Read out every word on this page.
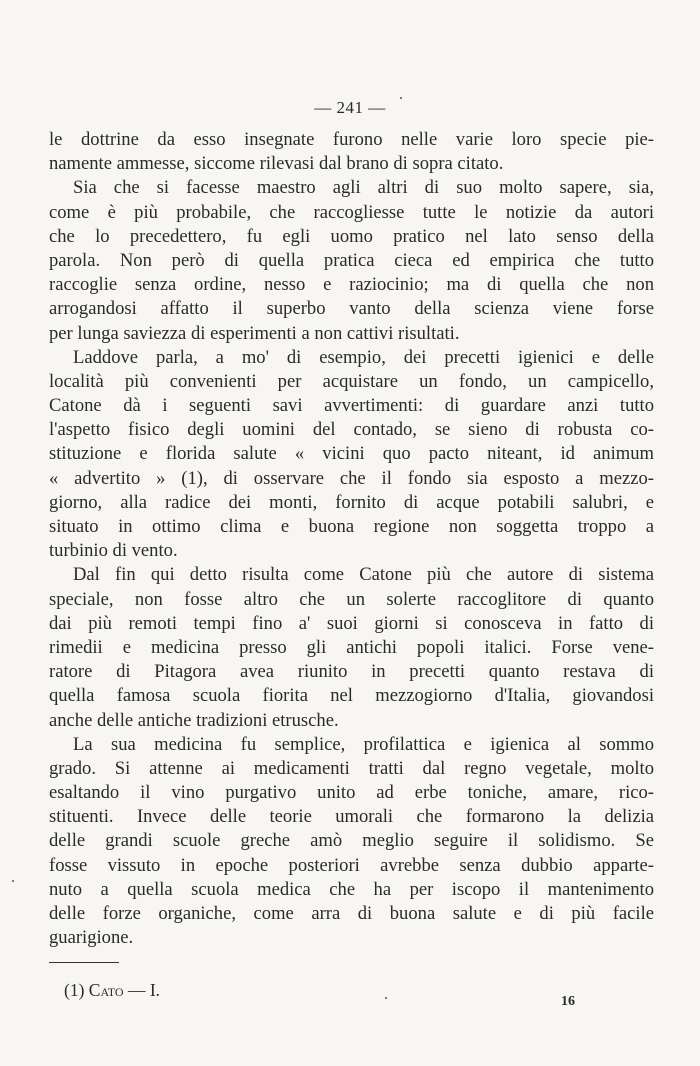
— 241 —
le dottrine da esso insegnate furono nelle varie loro specie pie-
namente ammesse, siccome rilevasi dal brano di sopra citato.
Sia che si facesse maestro agli altri di suo molto sapere, sia,
come è più probabile, che raccogliesse tutte le notizie da autori
che lo precedettero, fu egli uomo pratico nel lato senso della
parola. Non però di quella pratica cieca ed empirica che tutto
raccoglie senza ordine, nesso e raziocinio; ma di quella che non
arrogandosi affatto il superbo vanto della scienza viene forse
per lunga saviezza di esperimenti a non cattivi risultati.
Laddove parla, a mo' di esempio, dei precetti igienici e delle
località più convenienti per acquistare un fondo, un campicello,
Catone dà i seguenti savi avvertimenti: di guardare anzi tutto
l'aspetto fisico degli uomini del contado, se sieno di robusta co-
stituzione e florida salute « vicini quo pacto niteant, id animum
« advertito » (1), di osservare che il fondo sia esposto a mezzo-
giorno, alla radice dei monti, fornito di acque potabili salubri, e
situato in ottimo clima e buona regione non soggetta troppo a
turbinio di vento.
Dal fin qui detto risulta come Catone più che autore di sistema
speciale, non fosse altro che un solerte raccoglitore di quanto
dai più remoti tempi fino a' suoi giorni si conosceva in fatto di
rimedii e medicina presso gli antichi popoli italici. Forse vene-
ratore di Pitagora avea riunito in precetti quanto restava di
quella famosa scuola fiorita nel mezzogiorno d'Italia, giovandosi
anche delle antiche tradizioni etrusche.
La sua medicina fu semplice, profilattica e igienica al sommo
grado. Si attenne ai medicamenti tratti dal regno vegetale, molto
esaltando il vino purgativo unito ad erbe toniche, amare, rico-
stituenti. Invece delle teorie umorali che formarono la delizia
delle grandi scuole greche amò meglio seguire il solidismo. Se
fosse vissuto in epoche posteriori avrebbe senza dubbio apparte-
nuto a quella scuola medica che ha per iscopo il mantenimento
delle forze organiche, come arra di buona salute e di più facile
guarigione.
(1) Cato — I.
16
